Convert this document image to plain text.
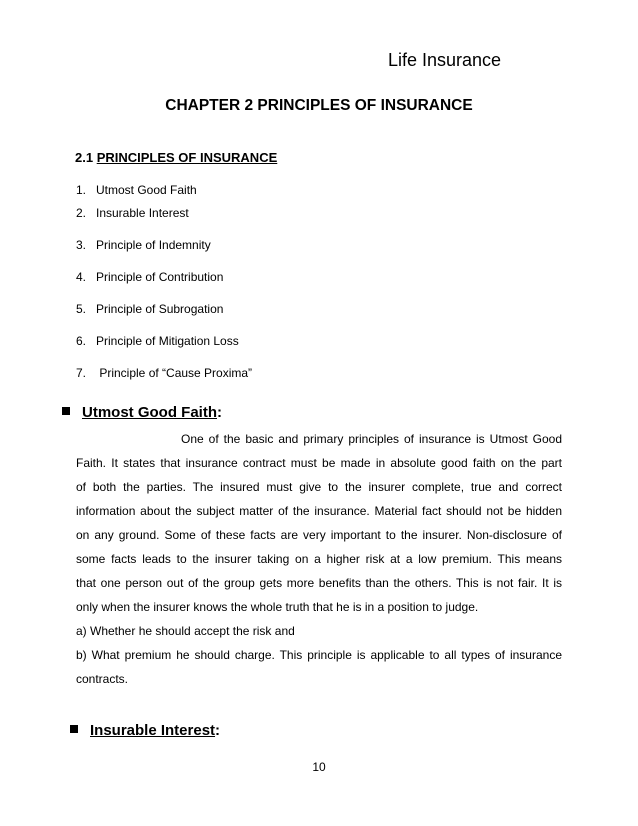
Life Insurance
CHAPTER 2 PRINCIPLES OF INSURANCE
2.1 PRINCIPLES OF INSURANCE
1. Utmost Good Faith
2. Insurable Interest
3. Principle of Indemnity
4. Principle of Contribution
5. Principle of Subrogation
6. Principle of Mitigation Loss
7. Principle of “Cause Proxima”
Utmost Good Faith:
One of the basic and primary principles of insurance is Utmost Good
Faith. It states that insurance contract must be made in absolute good faith on the part
of both the parties. The insured must give to the insurer complete, true and correct
information about the subject matter of the insurance. Material fact should not be hidden
on any ground. Some of these facts are very important to the insurer. Non-disclosure of
some facts leads to the insurer taking on a higher risk at a low premium. This means
that one person out of the group gets more benefits than the others. This is not fair. It is
only when the insurer knows the whole truth that he is in a position to judge.
a) Whether he should accept the risk and
b) What premium he should charge. This principle is applicable to all types of insurance
contracts.
Insurable Interest:
10
